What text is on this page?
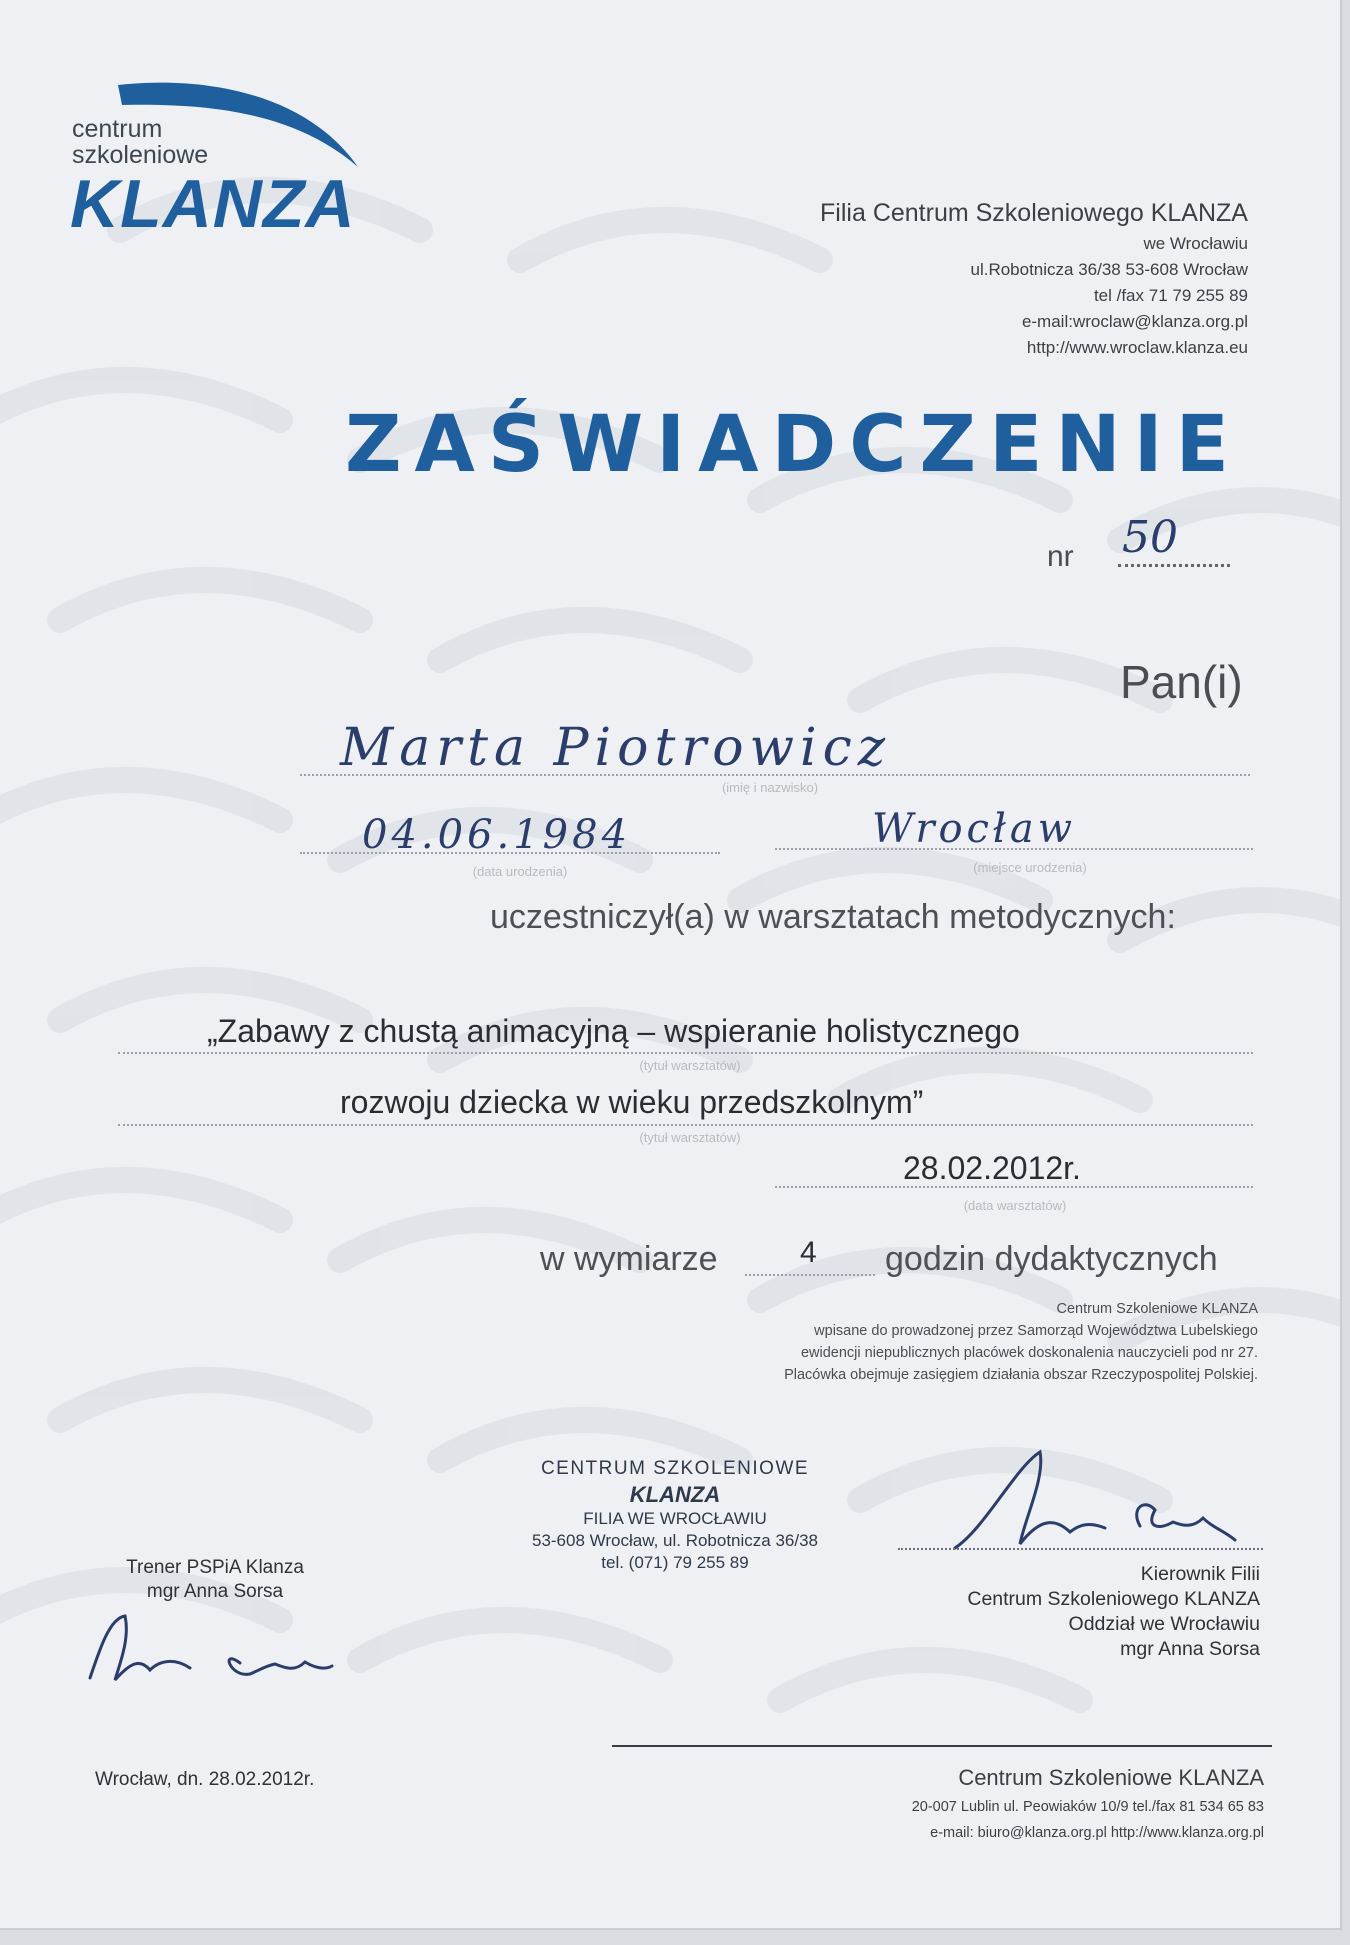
centrum
szkoleniowe
KLANZA	Filia Centrum Szkoleniowego KLANZA
we Wrocławiu
ul.Robotnicza 36/38 53-608 Wrocław
tel /fax 71 79 255 89
e-mail:wroclaw@klanza.org.pl
http://www.wroclaw.klanza.eu
ZAŚWIADCZENIE
nr 50
Pan(i)
Marta Piotrowicz
(imię i nazwisko)
04.06.1984
(data urodzenia)
Wrocław
(miejsce urodzenia)
uczestniczył(a) w warsztatach metodycznych:
„Zabawy z chustą animacyjną – wspieranie holistycznego
(tytuł warsztatów)
rozwoju dziecka w wieku przedszkolnym”
(tytuł warsztatów)
28.02.2012r.
(data warsztatów)
w wymiarze	4 godzin dydaktycznych
Centrum Szkoleniowe KLANZA
wpisane do prowadzonej przez Samorząd Województwa Lubelskiego
ewidencji niepublicznych placówek doskonalenia nauczycieli pod nr 27.
Placówka obejmuje zasięgiem działania obszar Rzeczypospolitej Polskiej.
CENTRUM SZKOLENIOWE
KLANZA
FILIA WE WROCŁAWIU
53-608 Wrocław, ul. Robotnicza 36/38
tel. (071) 79 255 89
Trener PSPiA Klanza
mgr Anna Sorsa
Kierownik Filii
Centrum Szkoleniowego KLANZA
Oddział we Wrocławiu
mgr Anna Sorsa
Wrocław, dn. 28.02.2012r.	Centrum Szkoleniowe KLANZA
20-007 Lublin ul. Peowiaków 10/9 tel./fax 81 534 65 83
e-mail: biuro@klanza.org.pl http://www.klanza.org.pl
